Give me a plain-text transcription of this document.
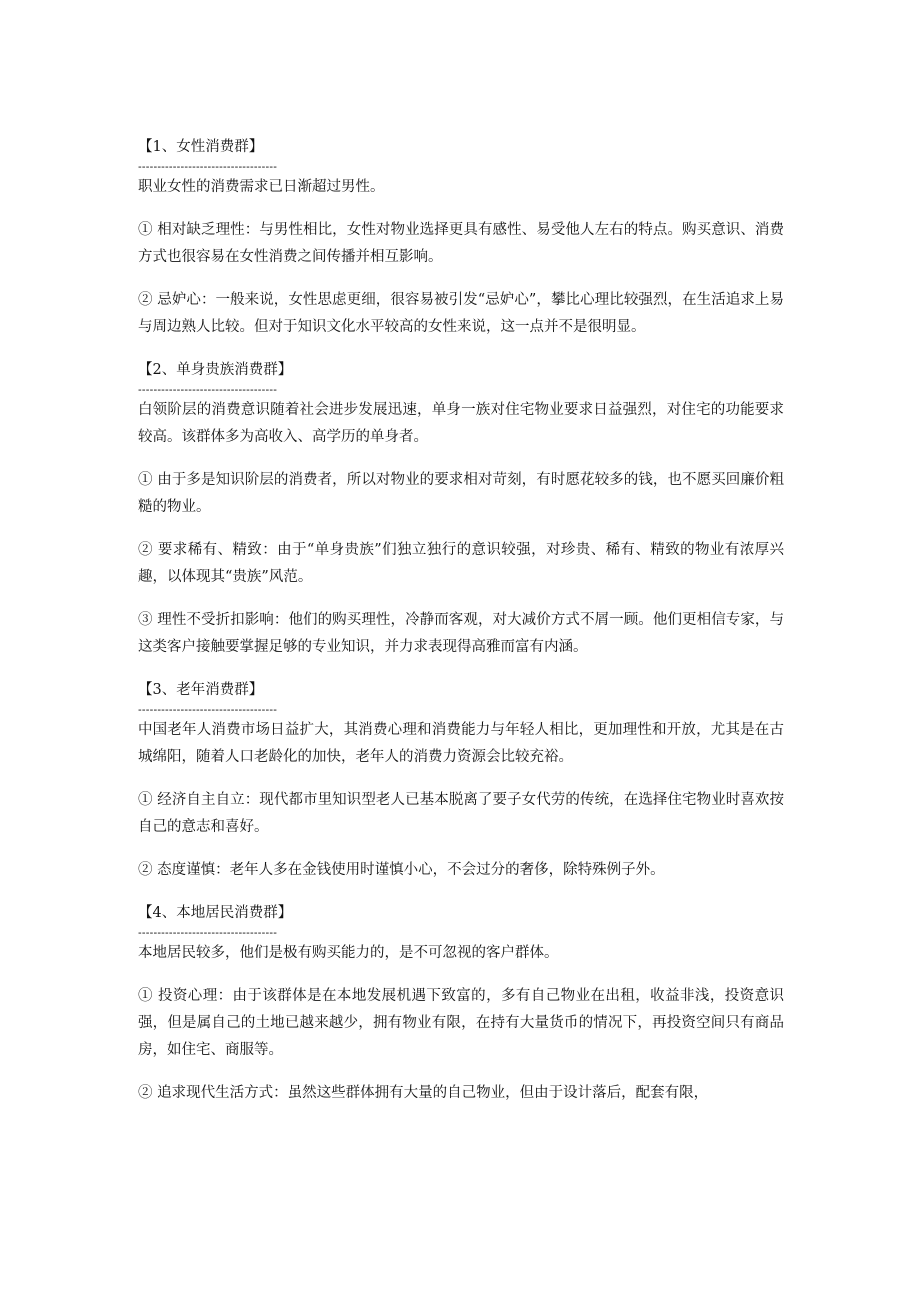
【1、女性消费群】
------------------------------------

职业女性的消费需求已日渐超过男性。

① 相对缺乏理性：与男性相比，女性对物业选择更具有感性、易受他人左右的特点。购买意识、消费方式也很容易在女性消费之间传播并相互影响。

② 忌妒心：一般来说，女性思虑更细，很容易被引发“忌妒心”，攀比心理比较强烈，在生活追求上易与周边熟人比较。但对于知识文化水平较高的女性来说，这一点并不是很明显。

【2、单身贵族消费群】
------------------------------------

白领阶层的消费意识随着社会进步发展迅速，单身一族对住宅物业要求日益强烈，对住宅的功能要求较高。该群体多为高收入、高学历的单身者。

① 由于多是知识阶层的消费者，所以对物业的要求相对苛刻，有时愿花较多的钱，也不愿买回廉价粗糙的物业。

② 要求稀有、精致：由于“单身贵族”们独立独行的意识较强，对珍贵、稀有、精致的物业有浓厚兴趣，以体现其“贵族”风范。

③ 理性不受折扣影响：他们的购买理性，冷静而客观，对大减价方式不屑一顾。他们更相信专家，与这类客户接触要掌握足够的专业知识，并力求表现得高雅而富有内涵。

【3、老年消费群】
------------------------------------

中国老年人消费市场日益扩大，其消费心理和消费能力与年轻人相比，更加理性和开放，尤其是在古城绵阳，随着人口老龄化的加快，老年人的消费力资源会比较充裕。

① 经济自主自立：现代都市里知识型老人已基本脱离了要子女代劳的传统，在选择住宅物业时喜欢按自己的意志和喜好。

② 态度谨慎：老年人多在金钱使用时谨慎小心，不会过分的奢侈，除特殊例子外。

【4、本地居民消费群】
------------------------------------

本地居民较多，他们是极有购买能力的，是不可忽视的客户群体。

① 投资心理：由于该群体是在本地发展机遇下致富的，多有自己物业在出租，收益非浅，投资意识强，但是属自己的土地已越来越少，拥有物业有限，在持有大量货币的情况下，再投资空间只有商品房，如住宅、商服等。

② 追求现代生活方式：虽然这些群体拥有大量的自己物业，但由于设计落后，配套有限，
